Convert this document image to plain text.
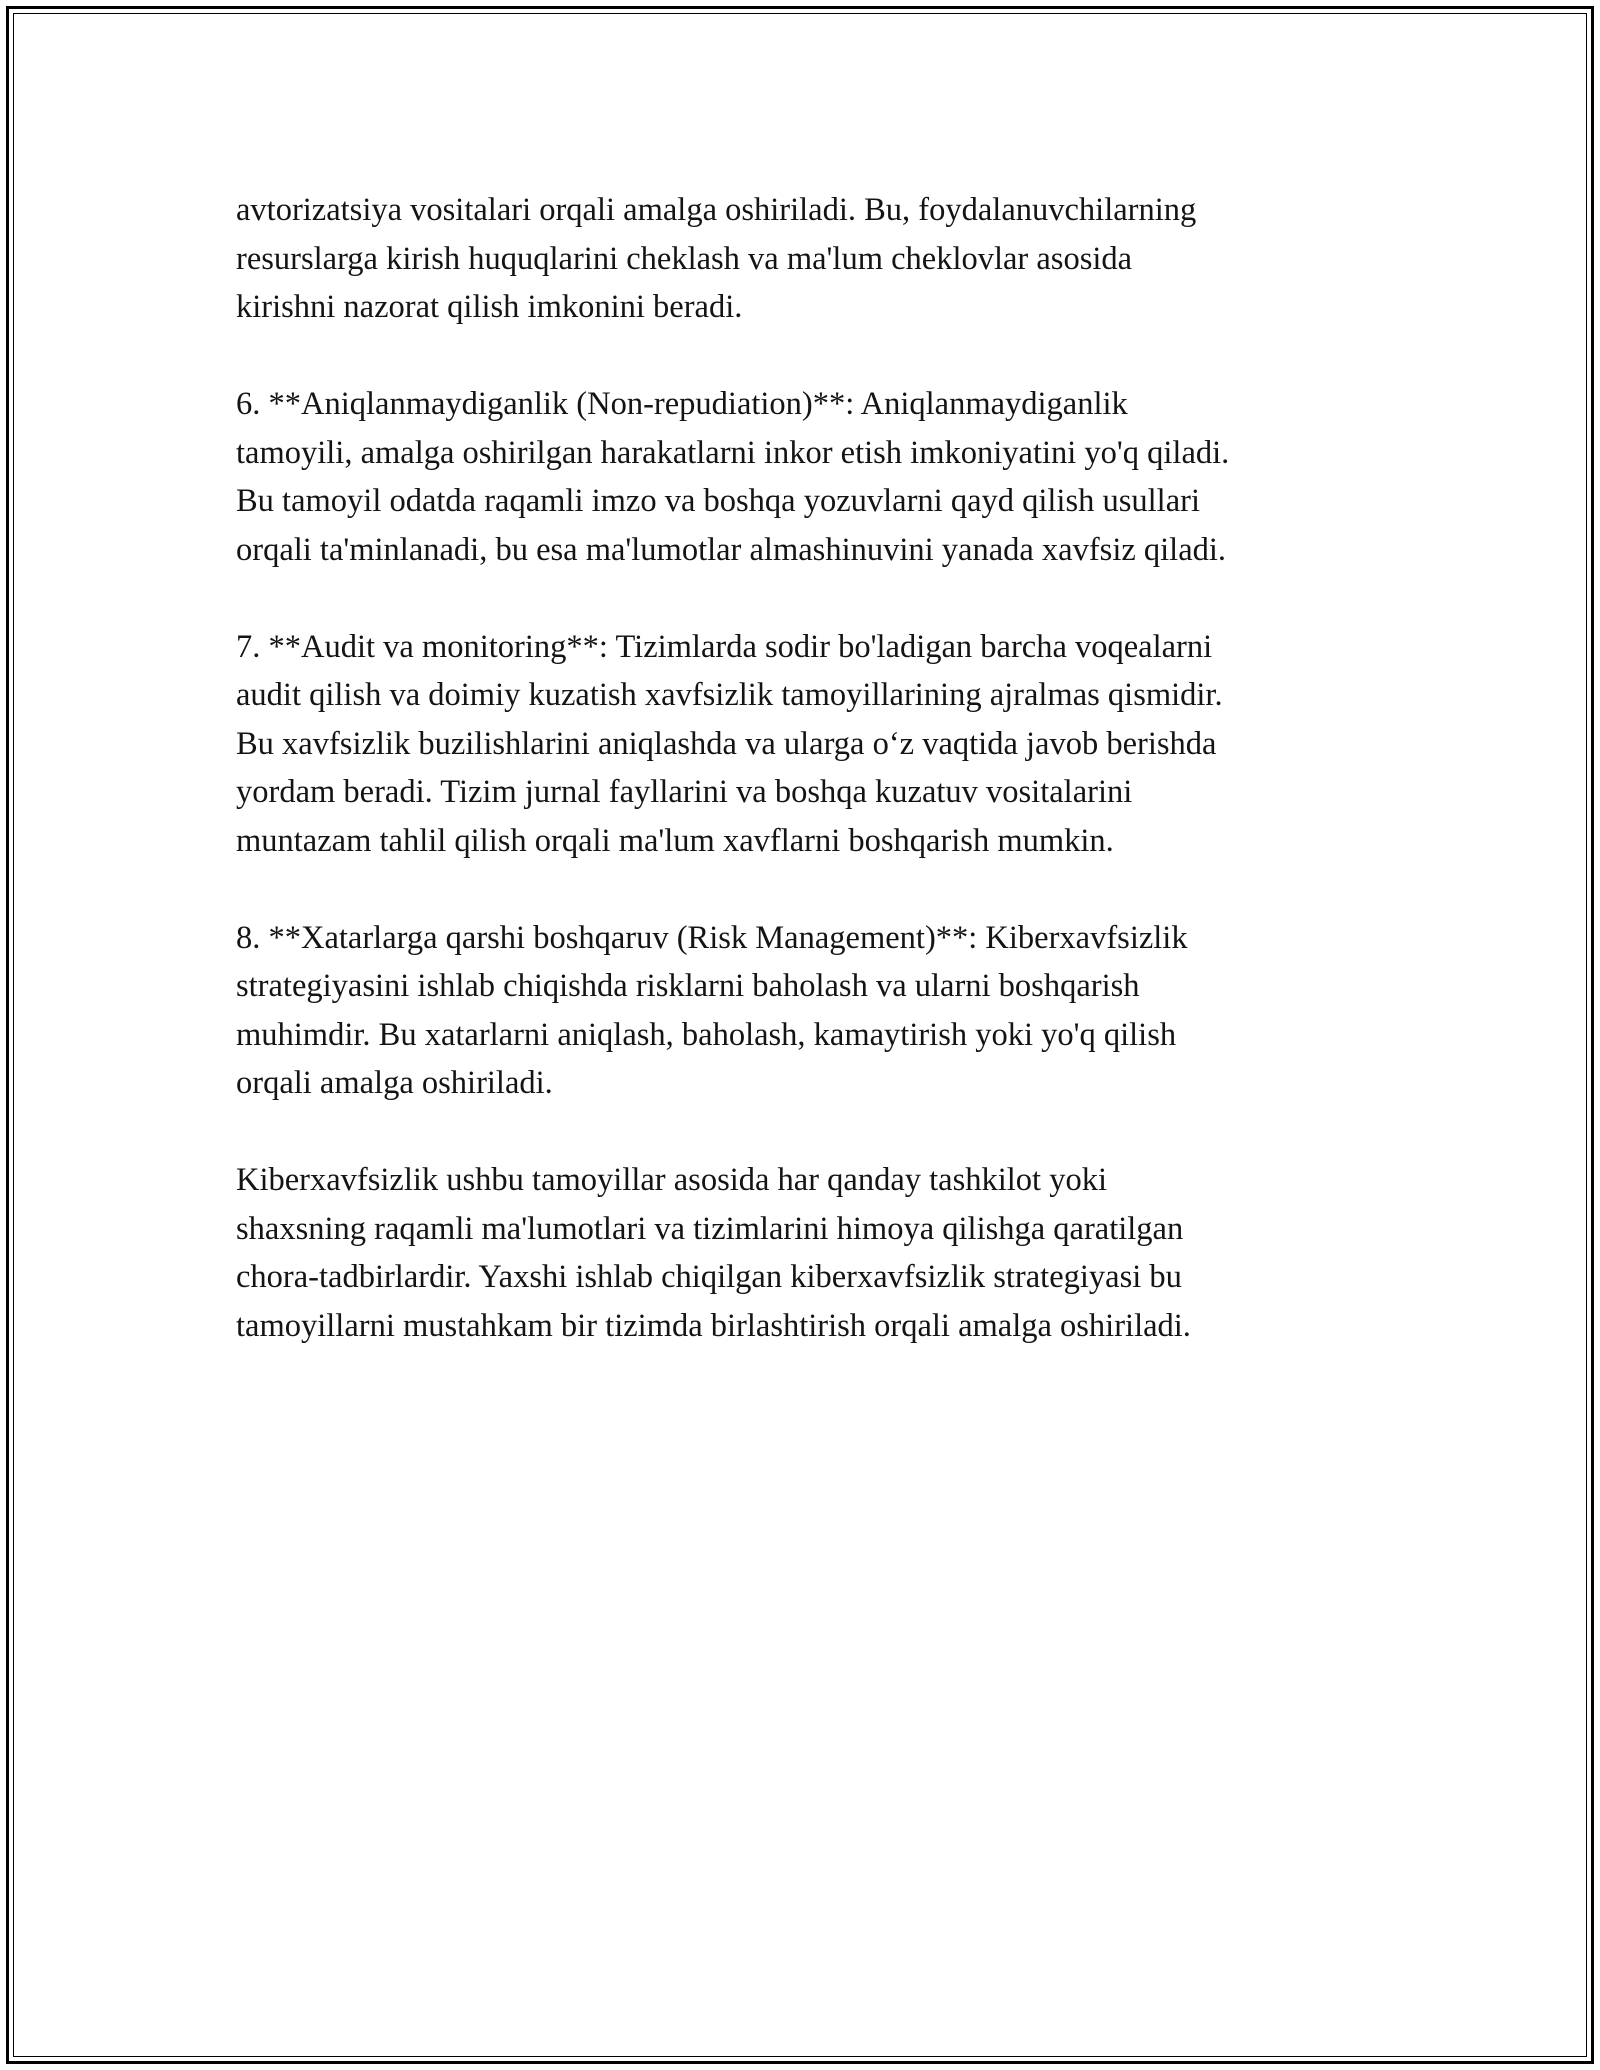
avtorizatsiya vositalari orqali amalga oshiriladi. Bu, foydalanuvchilarning
resurslarga kirish huquqlarini cheklash va ma'lum cheklovlar asosida
kirishni nazorat qilish imkonini beradi.

6. **Aniqlanmaydiganlik (Non-repudiation)**: Aniqlanmaydiganlik
tamoyili, amalga oshirilgan harakatlarni inkor etish imkoniyatini yo'q qiladi.
Bu tamoyil odatda raqamli imzo va boshqa yozuvlarni qayd qilish usullari
orqali ta'minlanadi, bu esa ma'lumotlar almashinuvini yanada xavfsiz qiladi.

7. **Audit va monitoring**: Tizimlarda sodir bo'ladigan barcha voqealarni
audit qilish va doimiy kuzatish xavfsizlik tamoyillarining ajralmas qismidir.
Bu xavfsizlik buzilishlarini aniqlashda va ularga o‘z vaqtida javob berishda
yordam beradi. Tizim jurnal fayllarini va boshqa kuzatuv vositalarini
muntazam tahlil qilish orqali ma'lum xavflarni boshqarish mumkin.

8. **Xatarlarga qarshi boshqaruv (Risk Management)**: Kiberxavfsizlik
strategiyasini ishlab chiqishda risklarni baholash va ularni boshqarish
muhimdir. Bu xatarlarni aniqlash, baholash, kamaytirish yoki yo'q qilish
orqali amalga oshiriladi.

Kiberxavfsizlik ushbu tamoyillar asosida har qanday tashkilot yoki
shaxsning raqamli ma'lumotlari va tizimlarini himoya qilishga qaratilgan
chora-tadbirlardir. Yaxshi ishlab chiqilgan kiberxavfsizlik strategiyasi bu
tamoyillarni mustahkam bir tizimda birlashtirish orqali amalga oshiriladi.
